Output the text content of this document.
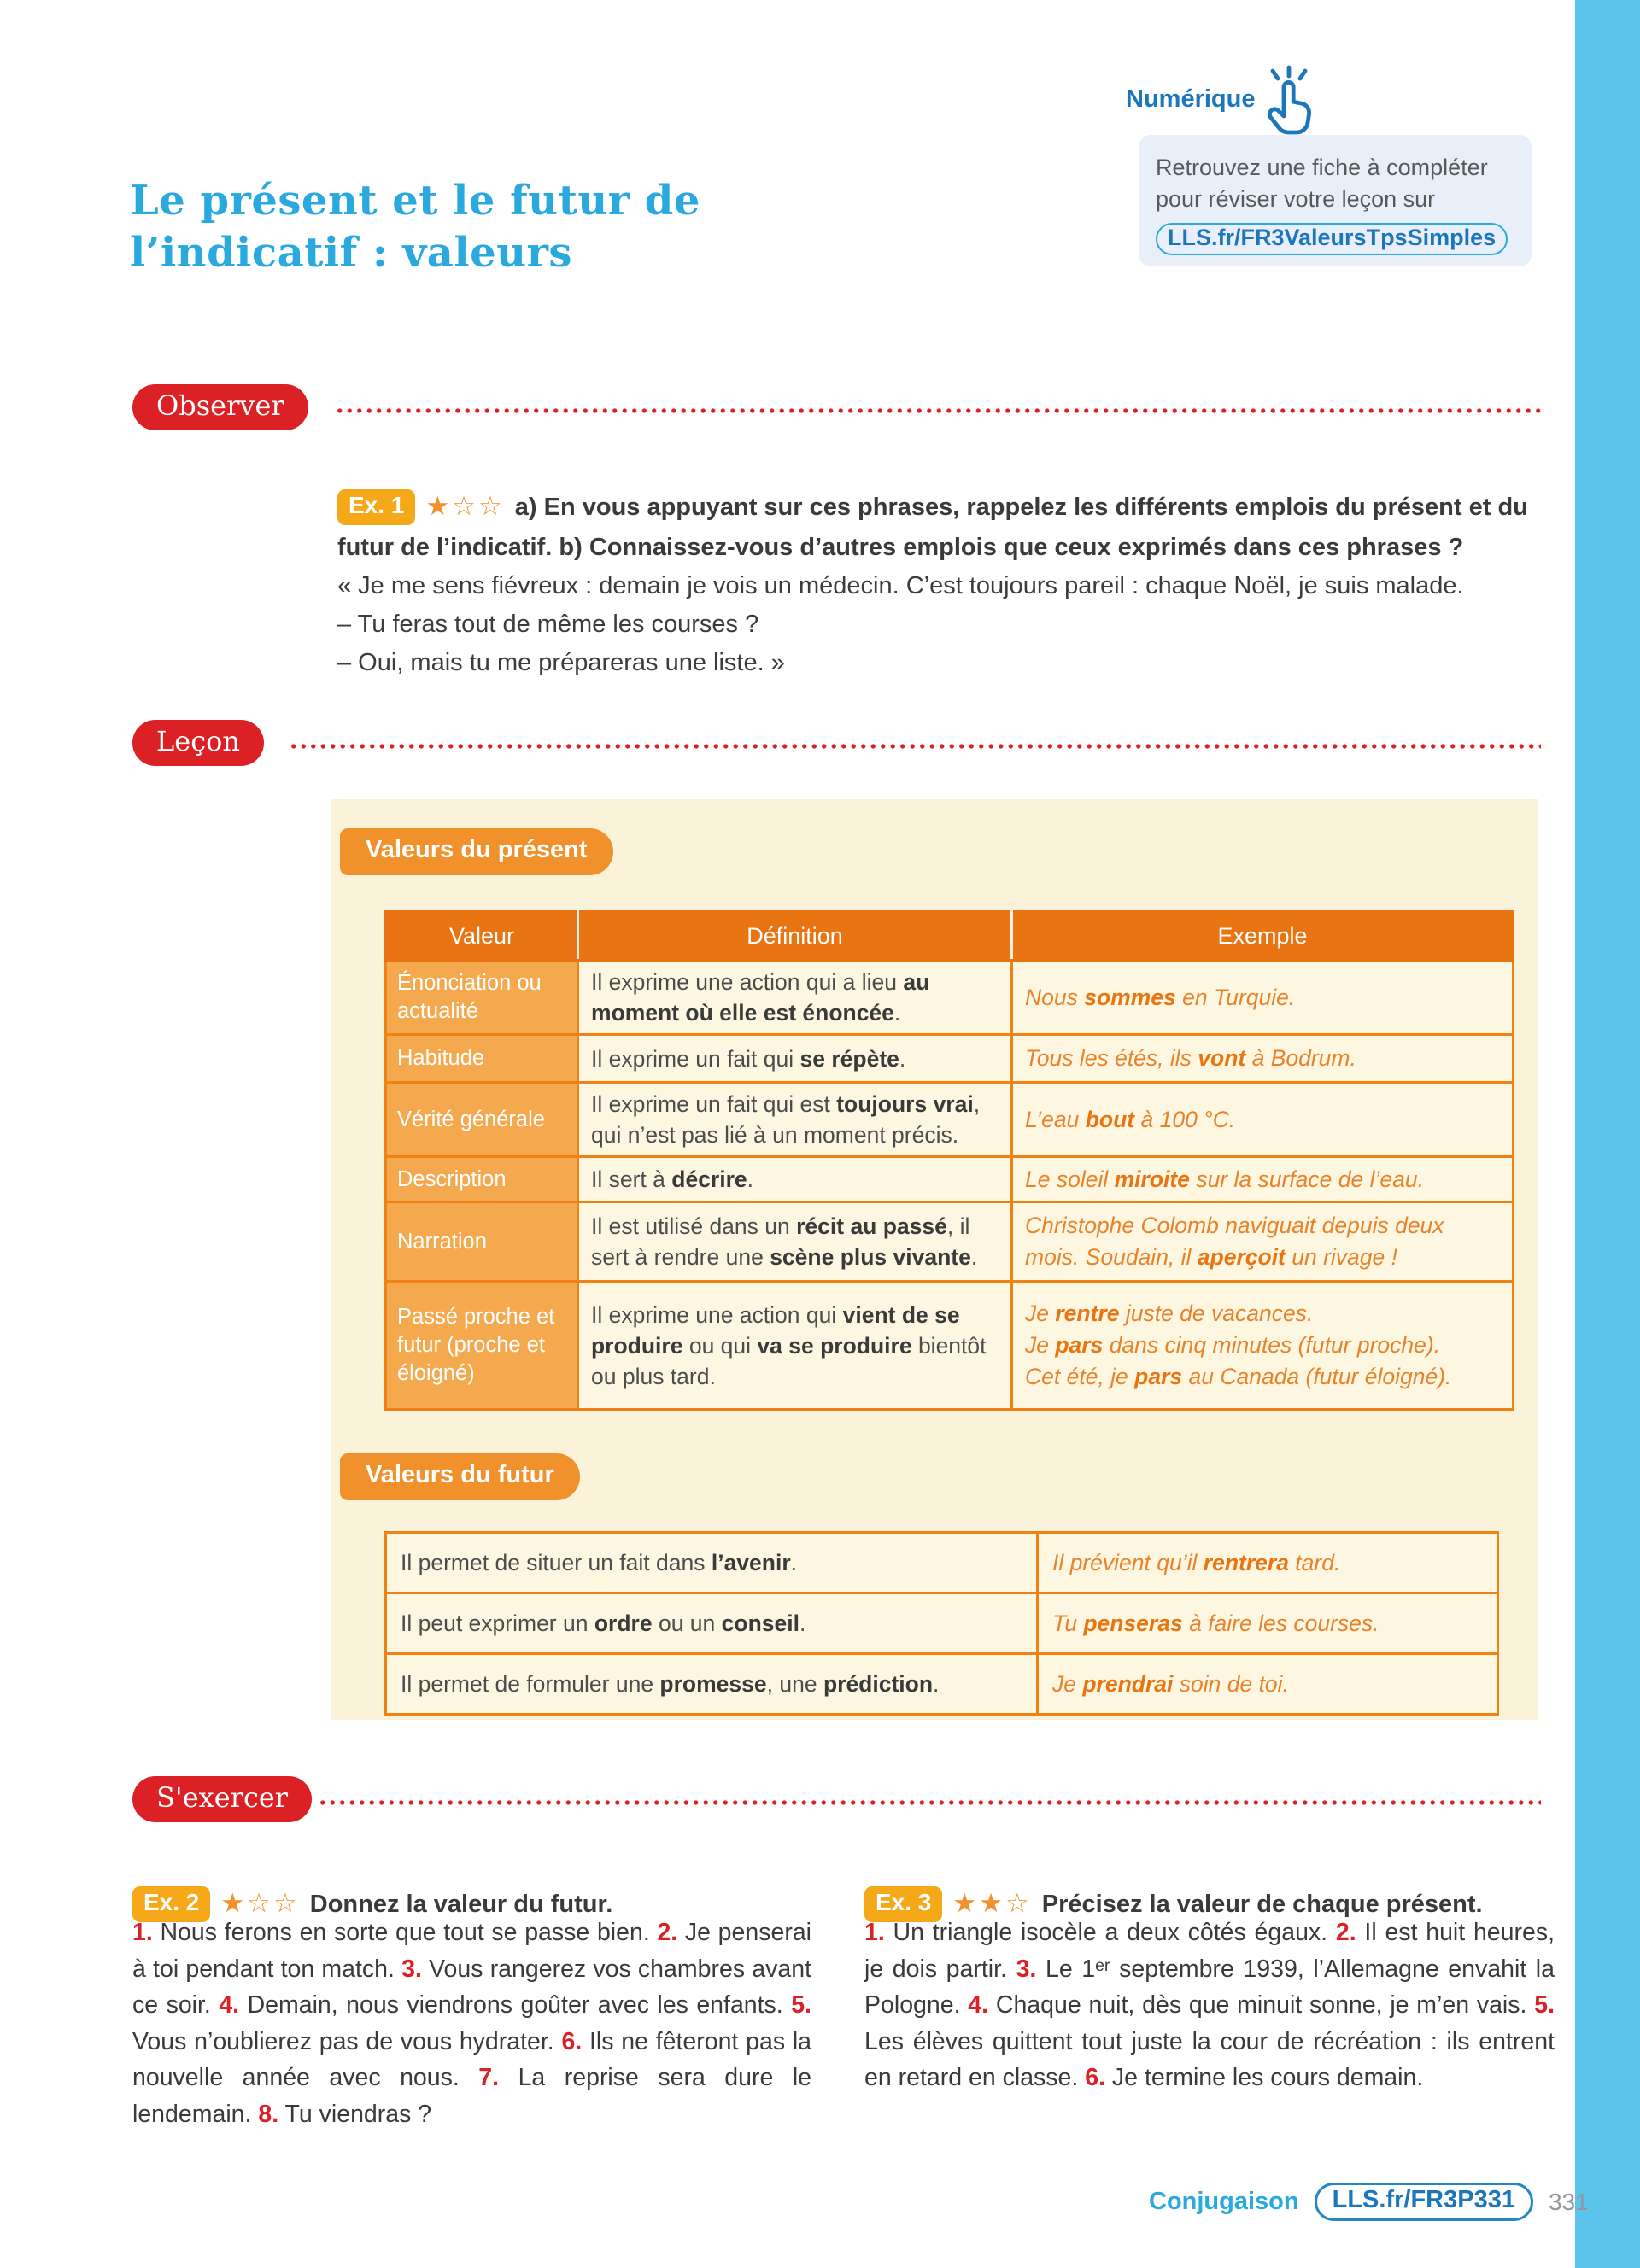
Le présent et le futur de
l’indicatif : valeurs
Numérique
Retrouvez une fiche à compléter
pour réviser votre leçon sur
LLS.fr/FR3ValeursTpsSimples
Observer

Ex. 1 ★☆☆ a) En vous appuyant sur ces phrases, rappelez les différents emplois du présent et du futur de l’indicatif. b) Connaissez-vous d’autres emplois que ceux exprimés dans ces phrases ?

« Je me sens fiévreux : demain je vois un médecin. C’est toujours pareil : chaque Noël, je suis malade.
– Tu feras tout de même les courses ?
– Oui, mais tu me prépareras une liste. »
Leçon
Valeurs du présent
Valeur	Définition	Exemple
Énonciation ou actualité	Il exprime une action qui a lieu au moment où elle est énoncée.	Nous sommes en Turquie.
Habitude	Il exprime un fait qui se répète.	Tous les étés, ils vont à Bodrum.
Vérité générale	Il exprime un fait qui est toujours vrai, qui n’est pas lié à un moment précis.	L’eau bout à 100 °C.
Description	Il sert à décrire.	Le soleil miroite sur la surface de l’eau.
Narration	Il est utilisé dans un récit au passé, il sert à rendre une scène plus vivante.	Christophe Colomb naviguait depuis deux mois. Soudain, il aperçoit un rivage !
Passé proche et futur (proche et éloigné)	Il exprime une action qui vient de se produire ou qui va se produire bientôt ou plus tard.	Je rentre juste de vacances.
Je pars dans cinq minutes (futur proche).
Cet été, je pars au Canada (futur éloigné).
Valeurs du futur
Il permet de situer un fait dans l’avenir.	Il prévient qu’il rentrera tard.
Il peut exprimer un ordre ou un conseil.	Tu penseras à faire les courses.
Il permet de formuler une promesse, une prédiction.	Je prendrai soin de toi.
S'exercer

Ex. 2 ★☆☆ Donnez la valeur du futur.

1. Nous ferons en sorte que tout se passe bien. 2. Je penserai à toi pendant ton match. 3. Vous rangerez vos chambres avant ce soir. 4. Demain, nous viendrons goûter avec les enfants. 5. Vous n’oublierez pas de vous hydrater. 6. Ils ne fêteront pas la nouvelle année avec nous. 7. La reprise sera dure le lendemain. 8. Tu viendras ?

Ex. 3 ★★☆ Précisez la valeur de chaque présent.

1. Un triangle isocèle a deux côtés égaux. 2. Il est huit heures, je dois partir. 3. Le 1ᵉʳ septembre 1939, l’Allemagne envahit la Pologne. 4. Chaque nuit, dès que minuit sonne, je m’en vais. 5. Les élèves quittent tout juste la cour de récréation : ils entrent en retard en classe. 6. Je termine les cours demain.
Conjugaison	LLS.fr/FR3P331	331
